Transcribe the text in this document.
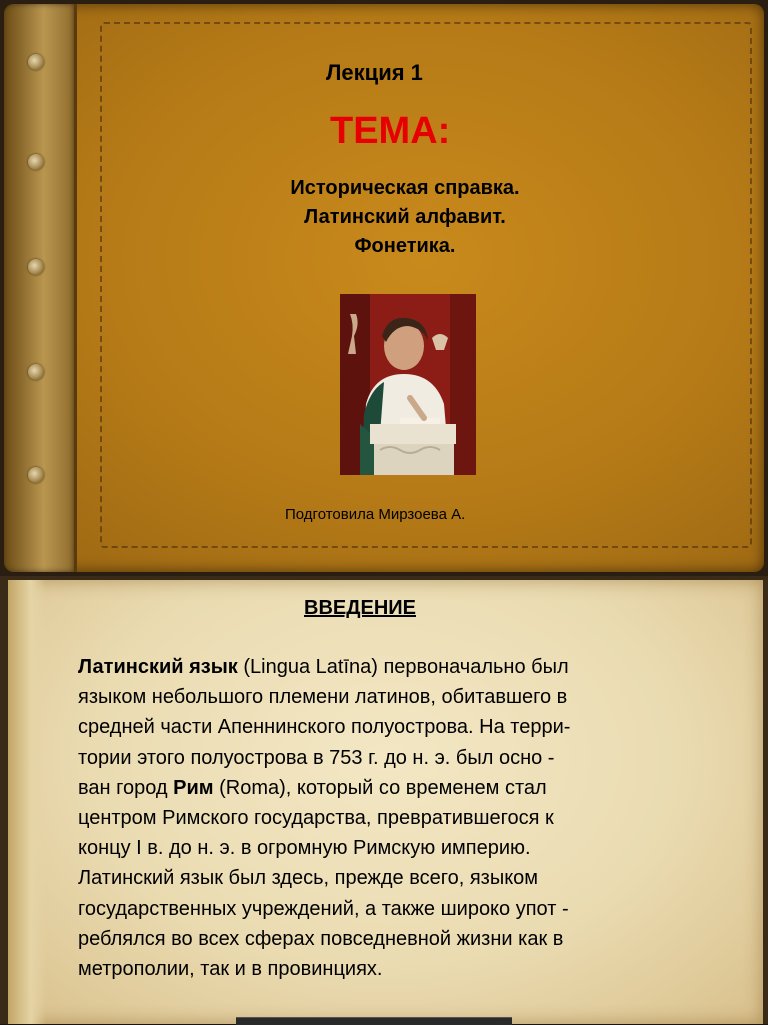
Лекция 1
ТЕМА:
Историческая справка.
Латинский алфавит.
Фонетика.
Подготовила Мирзоева А.
ВВЕДЕНИЕ
Латинский язык (Lingua Latīna) первоначально был
языком небольшого племени латинов, обитавшего в
средней части Апеннинского полуострова. На терри-
тории этого полуострова в 753 г. до н. э. был осно -
ван город Рим (Roma), который со временем стал
центром Римского государства, превратившегося к
концу I в. до н. э. в огромную Римскую империю.
Латинский язык был здесь, прежде всего, языком
государственных учреждений, а также широко упот -
реблялся во всех сферах повседневной жизни как в
метрополии, так и в провинциях.
